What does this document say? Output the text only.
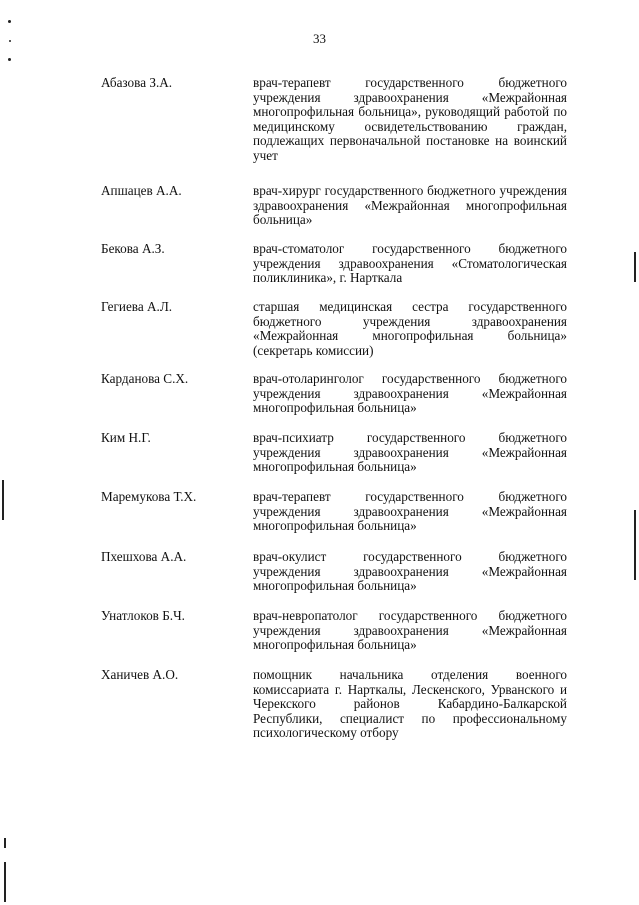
33
Абазова З.А.	врач-терапевт государственного бюджетного учреждения здравоохранения «Межрайонная многопрофильная больница», руководящий работой по медицинскому освидетельствованию граждан, подлежащих первоначальной постановке на воинский учет
Апшацев А.А.	врач-хирург государственного бюджетного учреждения здравоохранения «Межрайонная многопрофильная больница»
Бекова А.З.	врач-стоматолог государственного бюджетного учреждения здравоохранения «Стоматологическая поликлиника», г. Нарткала
Гегиева А.Л.	старшая медицинская сестра государственного бюджетного учреждения здравоохранения «Межрайонная многопрофильная больница» (секретарь комиссии)
Карданова С.Х.	врач-отоларинголог государственного бюджетного учреждения здравоохранения «Межрайонная многопрофильная больница»
Ким Н.Г.	врач-психиатр государственного бюджетного учреждения здравоохранения «Межрайонная многопрофильная больница»
Маремукова Т.Х.	врач-терапевт государственного бюджетного учреждения здравоохранения «Межрайонная многопрофильная больница»
Пхешхова А.А.	врач-окулист государственного бюджетного учреждения здравоохранения «Межрайонная многопрофильная больница»
Унатлоков Б.Ч.	врач-невропатолог государственного бюджетного учреждения здравоохранения «Межрайонная многопрофильная больница»
Ханичев А.О.	помощник начальника отделения военного комиссариата г. Нарткалы, Лескенского, Урванского и Черекского районов Кабардино-Балкарской Республики, специалист по профессиональному психологическому отбору
